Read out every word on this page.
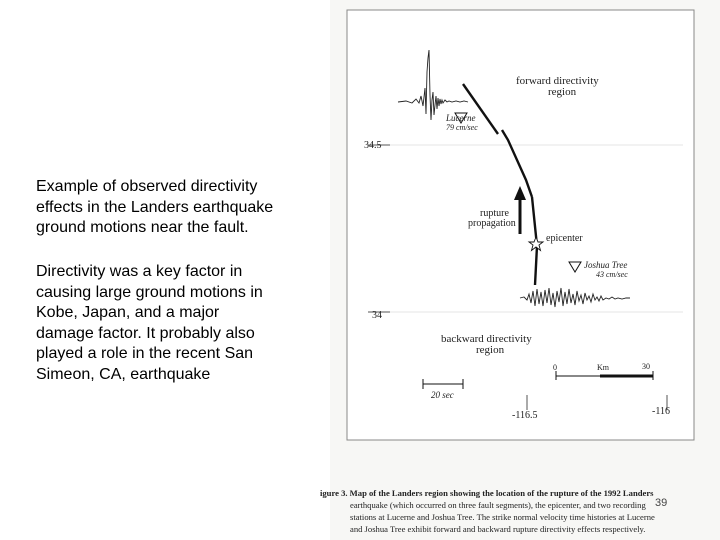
Example of observed directivity
effects in the Landers earthquake
ground motions near the fault.

Directivity was a key factor in
causing large ground motions in
Kobe, Japan, and a major
damage factor. It probably also
played a role in the recent San
Simeon, CA, earthquake

34.5
34
-116.5	-116
0	Km	30
20 sec
forward directivity
region
Lucerne
79 cm/sec
rupture
propagation
epicenter
Joshua Tree
43 cm/sec
backward directivity
region
igure 3. Map of the Landers region showing the location of the rupture of the 1992 Landers
earthquake (which occurred on three fault segments), the epicenter, and two recording
stations at Lucerne and Joshua Tree. The strike normal velocity time histories at Lucerne
and Joshua Tree exhibit forward and backward rupture directivity effects respectively.
39
